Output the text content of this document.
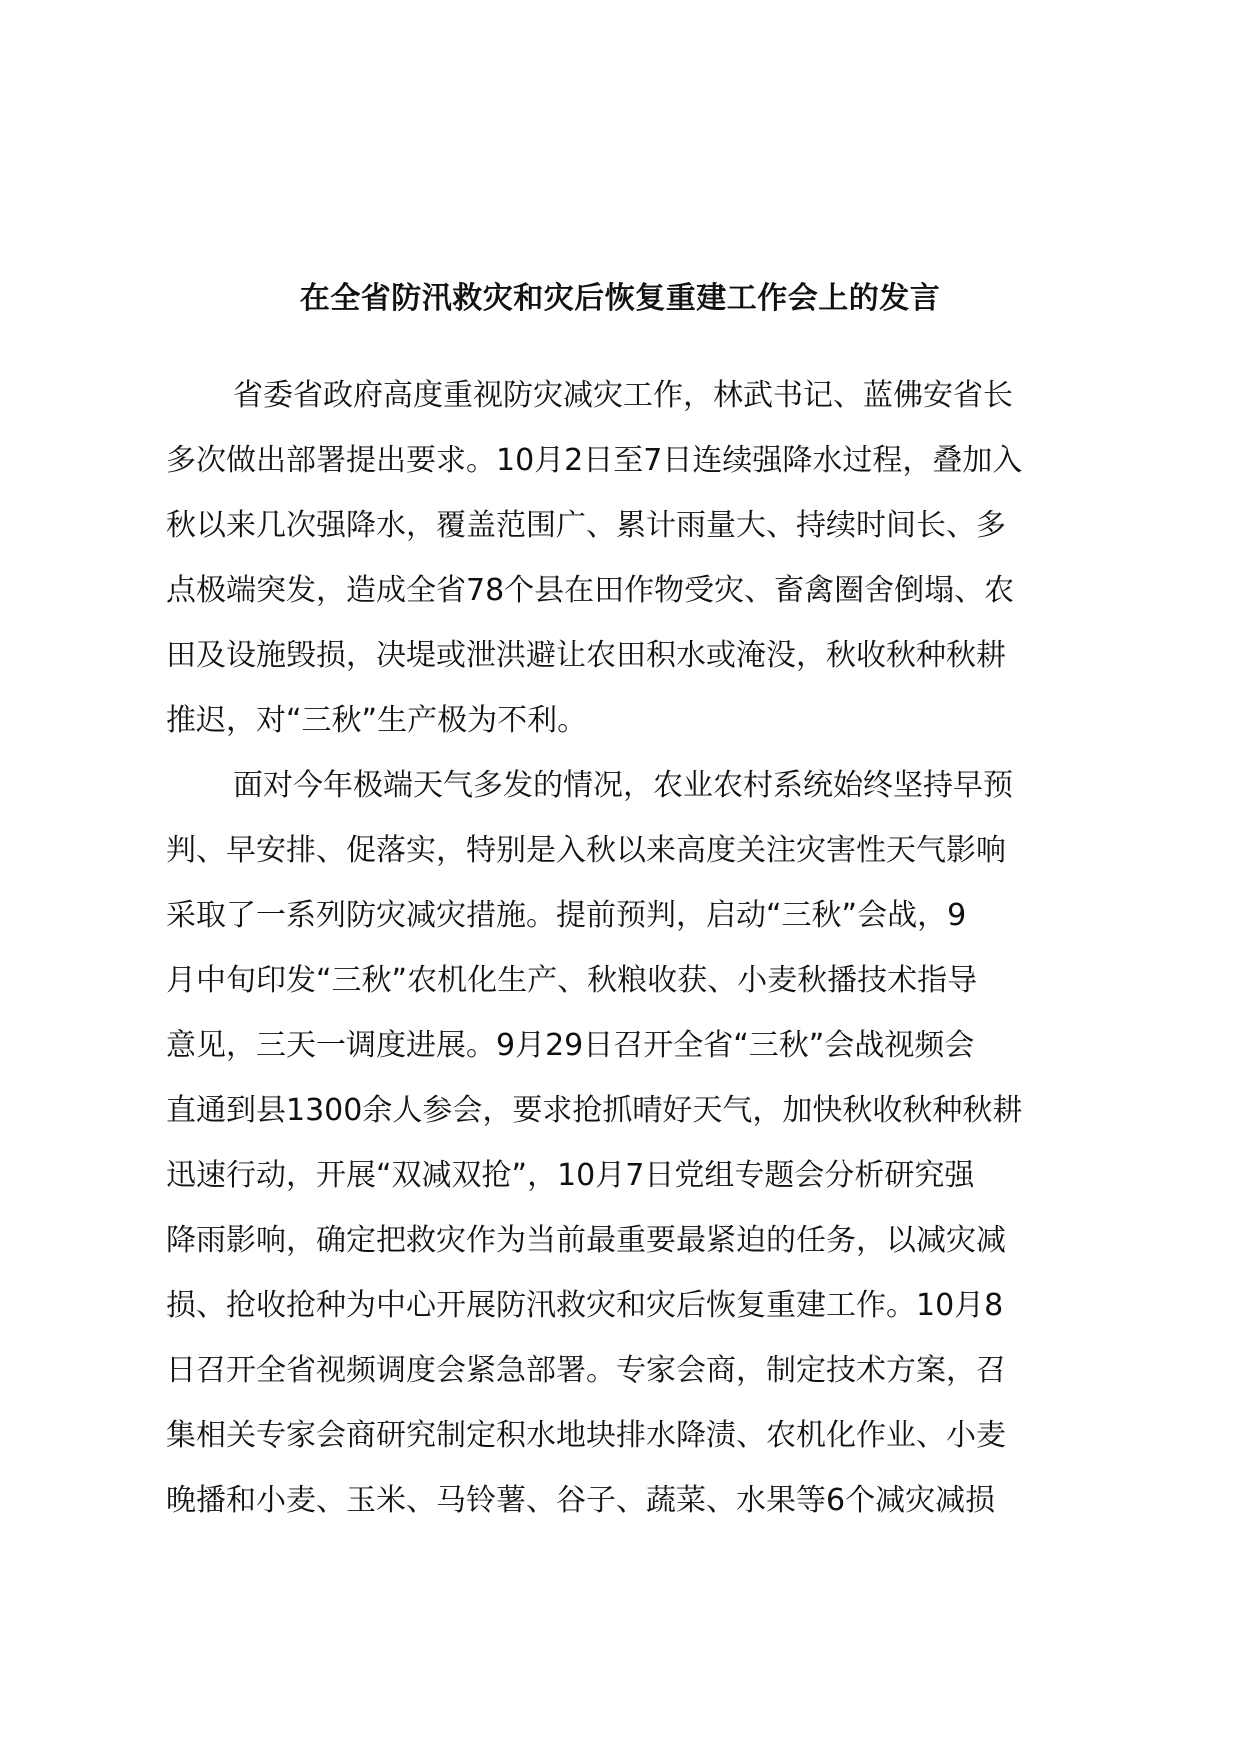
在全省防汛救灾和灾后恢复重建工作会上的发言
省委省政府高度重视防灾减灾工作，林武书记、蓝佛安省长
多次做出部署提出要求。10月2日至7日连续强降水过程，叠加入
秋以来几次强降水，覆盖范围广、累计雨量大、持续时间长、多
点极端突发，造成全省78个县在田作物受灾、畜禽圈舍倒塌、农
田及设施毁损，决堤或泄洪避让农田积水或淹没，秋收秋种秋耕
推迟，对“三秋”生产极为不利。
面对今年极端天气多发的情况，农业农村系统始终坚持早预
判、早安排、促落实，特别是入秋以来高度关注灾害性天气影响
采取了一系列防灾减灾措施。提前预判，启动“三秋”会战，9
月中旬印发“三秋”农机化生产、秋粮收获、小麦秋播技术指导
意见，三天一调度进展。9月29日召开全省“三秋”会战视频会
直通到县1300余人参会，要求抢抓晴好天气，加快秋收秋种秋耕
迅速行动，开展“双减双抢”，10月7日党组专题会分析研究强
降雨影响，确定把救灾作为当前最重要最紧迫的任务，以减灾减
损、抢收抢种为中心开展防汛救灾和灾后恢复重建工作。10月8
日召开全省视频调度会紧急部署。专家会商，制定技术方案，召
集相关专家会商研究制定积水地块排水降渍、农机化作业、小麦
晚播和小麦、玉米、马铃薯、谷子、蔬菜、水果等6个减灾减损
